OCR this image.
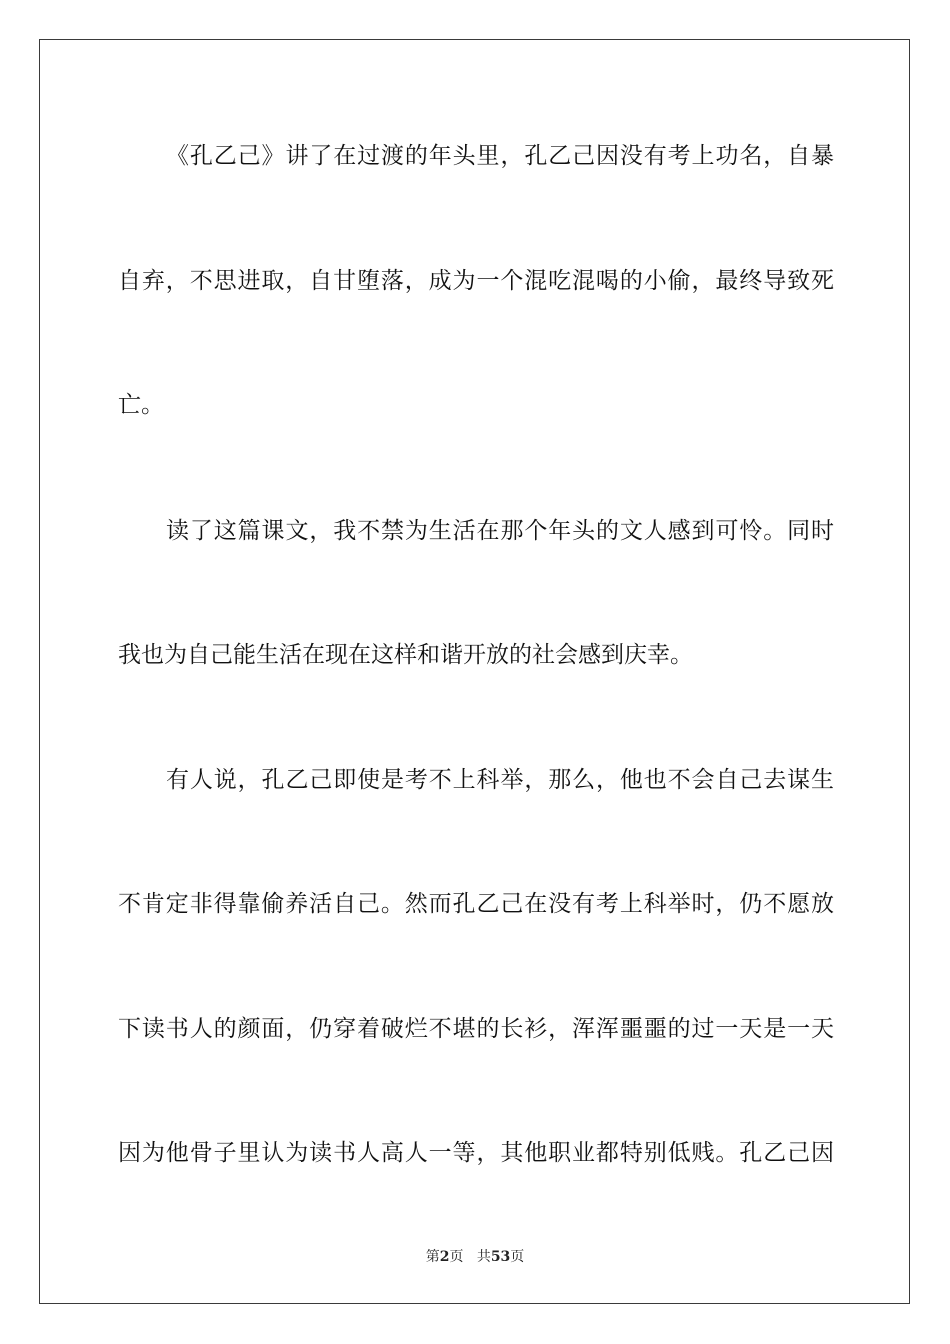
《孔乙己》讲了在过渡的年头里，孔乙己因没有考上功名，自暴
自弃，不思进取，自甘堕落，成为一个混吃混喝的小偷，最终导致死
亡。
读了这篇课文，我不禁为生活在那个年头的文人感到可怜。同时
我也为自己能生活在现在这样和谐开放的社会感到庆幸。
有人说，孔乙己即使是考不上科举，那么，他也不会自己去谋生
不肯定非得靠偷养活自己。然而孔乙己在没有考上科举时，仍不愿放
下读书人的颜面，仍穿着破烂不堪的长衫，浑浑噩噩的过一天是一天
因为他骨子里认为读书人高人一等，其他职业都特别低贱。孔乙己因
第2页 共53页
